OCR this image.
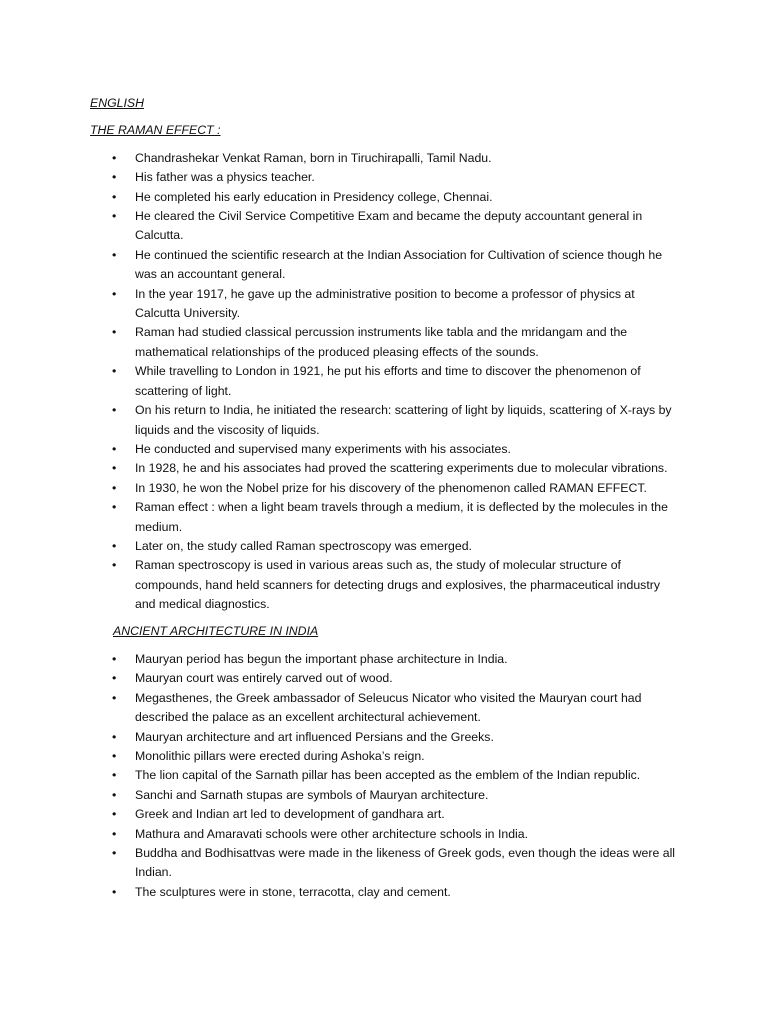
ENGLISH

THE RAMAN EFFECT :

• Chandrashekar Venkat Raman, born in Tiruchirapalli, Tamil Nadu.
• His father was a physics teacher.
• He completed his early education in Presidency college, Chennai.
• He cleared the Civil Service Competitive Exam and became the deputy accountant general in Calcutta.
• He continued the scientific research at the Indian Association for Cultivation of science though he was an accountant general.
• In the year 1917, he gave up the administrative position to become a professor of physics at Calcutta University.
• Raman had studied classical percussion instruments like tabla and the mridangam and the mathematical relationships of the produced pleasing effects of the sounds.
• While travelling to London in 1921, he put his efforts and time to discover the phenomenon of scattering of light.
• On his return to India, he initiated the research: scattering of light by liquids, scattering of X-rays by liquids and the viscosity of liquids.
• He conducted and supervised many experiments with his associates.
• In 1928, he and his associates had proved the scattering experiments due to molecular vibrations.
• In 1930, he won the Nobel prize for his discovery of the phenomenon called RAMAN EFFECT.
• Raman effect : when a light beam travels through a medium, it is deflected by the molecules in the medium.
• Later on, the study called Raman spectroscopy was emerged.
• Raman spectroscopy is used in various areas such as, the study of molecular structure of compounds, hand held scanners for detecting drugs and explosives, the pharmaceutical industry and medical diagnostics.

ANCIENT ARCHITECTURE IN INDIA

• Mauryan period has begun the important phase architecture in India.
• Mauryan court was entirely carved out of wood.
• Megasthenes, the Greek ambassador of Seleucus Nicator who visited the Mauryan court had described the palace as an excellent architectural achievement.
• Mauryan architecture and art influenced Persians and the Greeks.
• Monolithic pillars were erected during Ashoka’s reign.
• The lion capital of the Sarnath pillar has been accepted as the emblem of the Indian republic.
• Sanchi and Sarnath stupas are symbols of Mauryan architecture.
• Greek and Indian art led to development of gandhara art.
• Mathura and Amaravati schools were other architecture schools in India.
• Buddha and Bodhisattvas were made in the likeness of Greek gods, even though the ideas were all Indian.
• The sculptures were in stone, terracotta, clay and cement.
